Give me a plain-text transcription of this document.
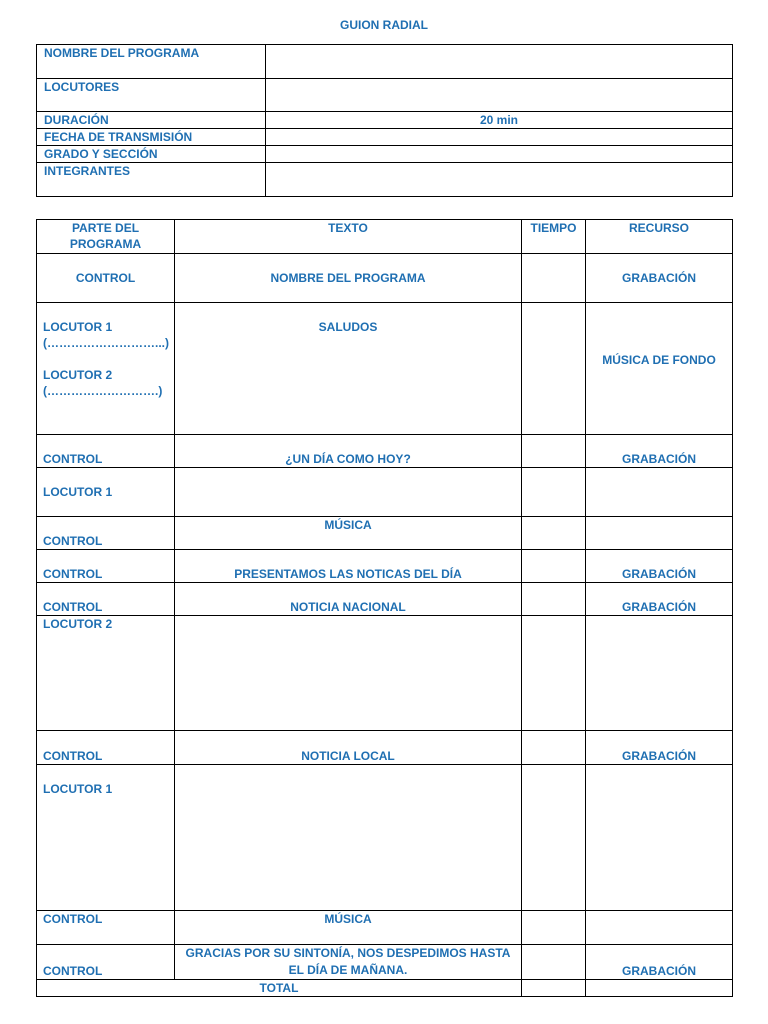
GUION RADIAL
NOMBRE DEL PROGRAMA	
LOCUTORES	
DURACIÓN	20 min
FECHA DE TRANSMISIÓN	
GRADO Y SECCIÓN	
INTEGRANTES	
PARTE DEL PROGRAMA	TEXTO	TIEMPO	RECURSO
CONTROL	NOMBRE DEL PROGRAMA		GRABACIÓN

LOCUTOR 1
(………………………...)
LOCUTOR 2
(……………………….)	SALUDOS		MÚSICA DE FONDO
CONTROL	¿UN DÍA COMO HOY?		GRABACIÓN
LOCUTOR 1			
CONTROL	MÚSICA		
CONTROL	PRESENTAMOS LAS NOTICAS DEL DÍA		GRABACIÓN
CONTROL	NOTICIA NACIONAL		GRABACIÓN
LOCUTOR 2			
CONTROL	NOTICIA LOCAL		GRABACIÓN
LOCUTOR 1			
CONTROL	MÚSICA		
CONTROL	GRACIAS POR SU SINTONÍA, NOS DESPEDIMOS HASTA EL DÍA DE MAÑANA.		GRABACIÓN
TOTAL			
